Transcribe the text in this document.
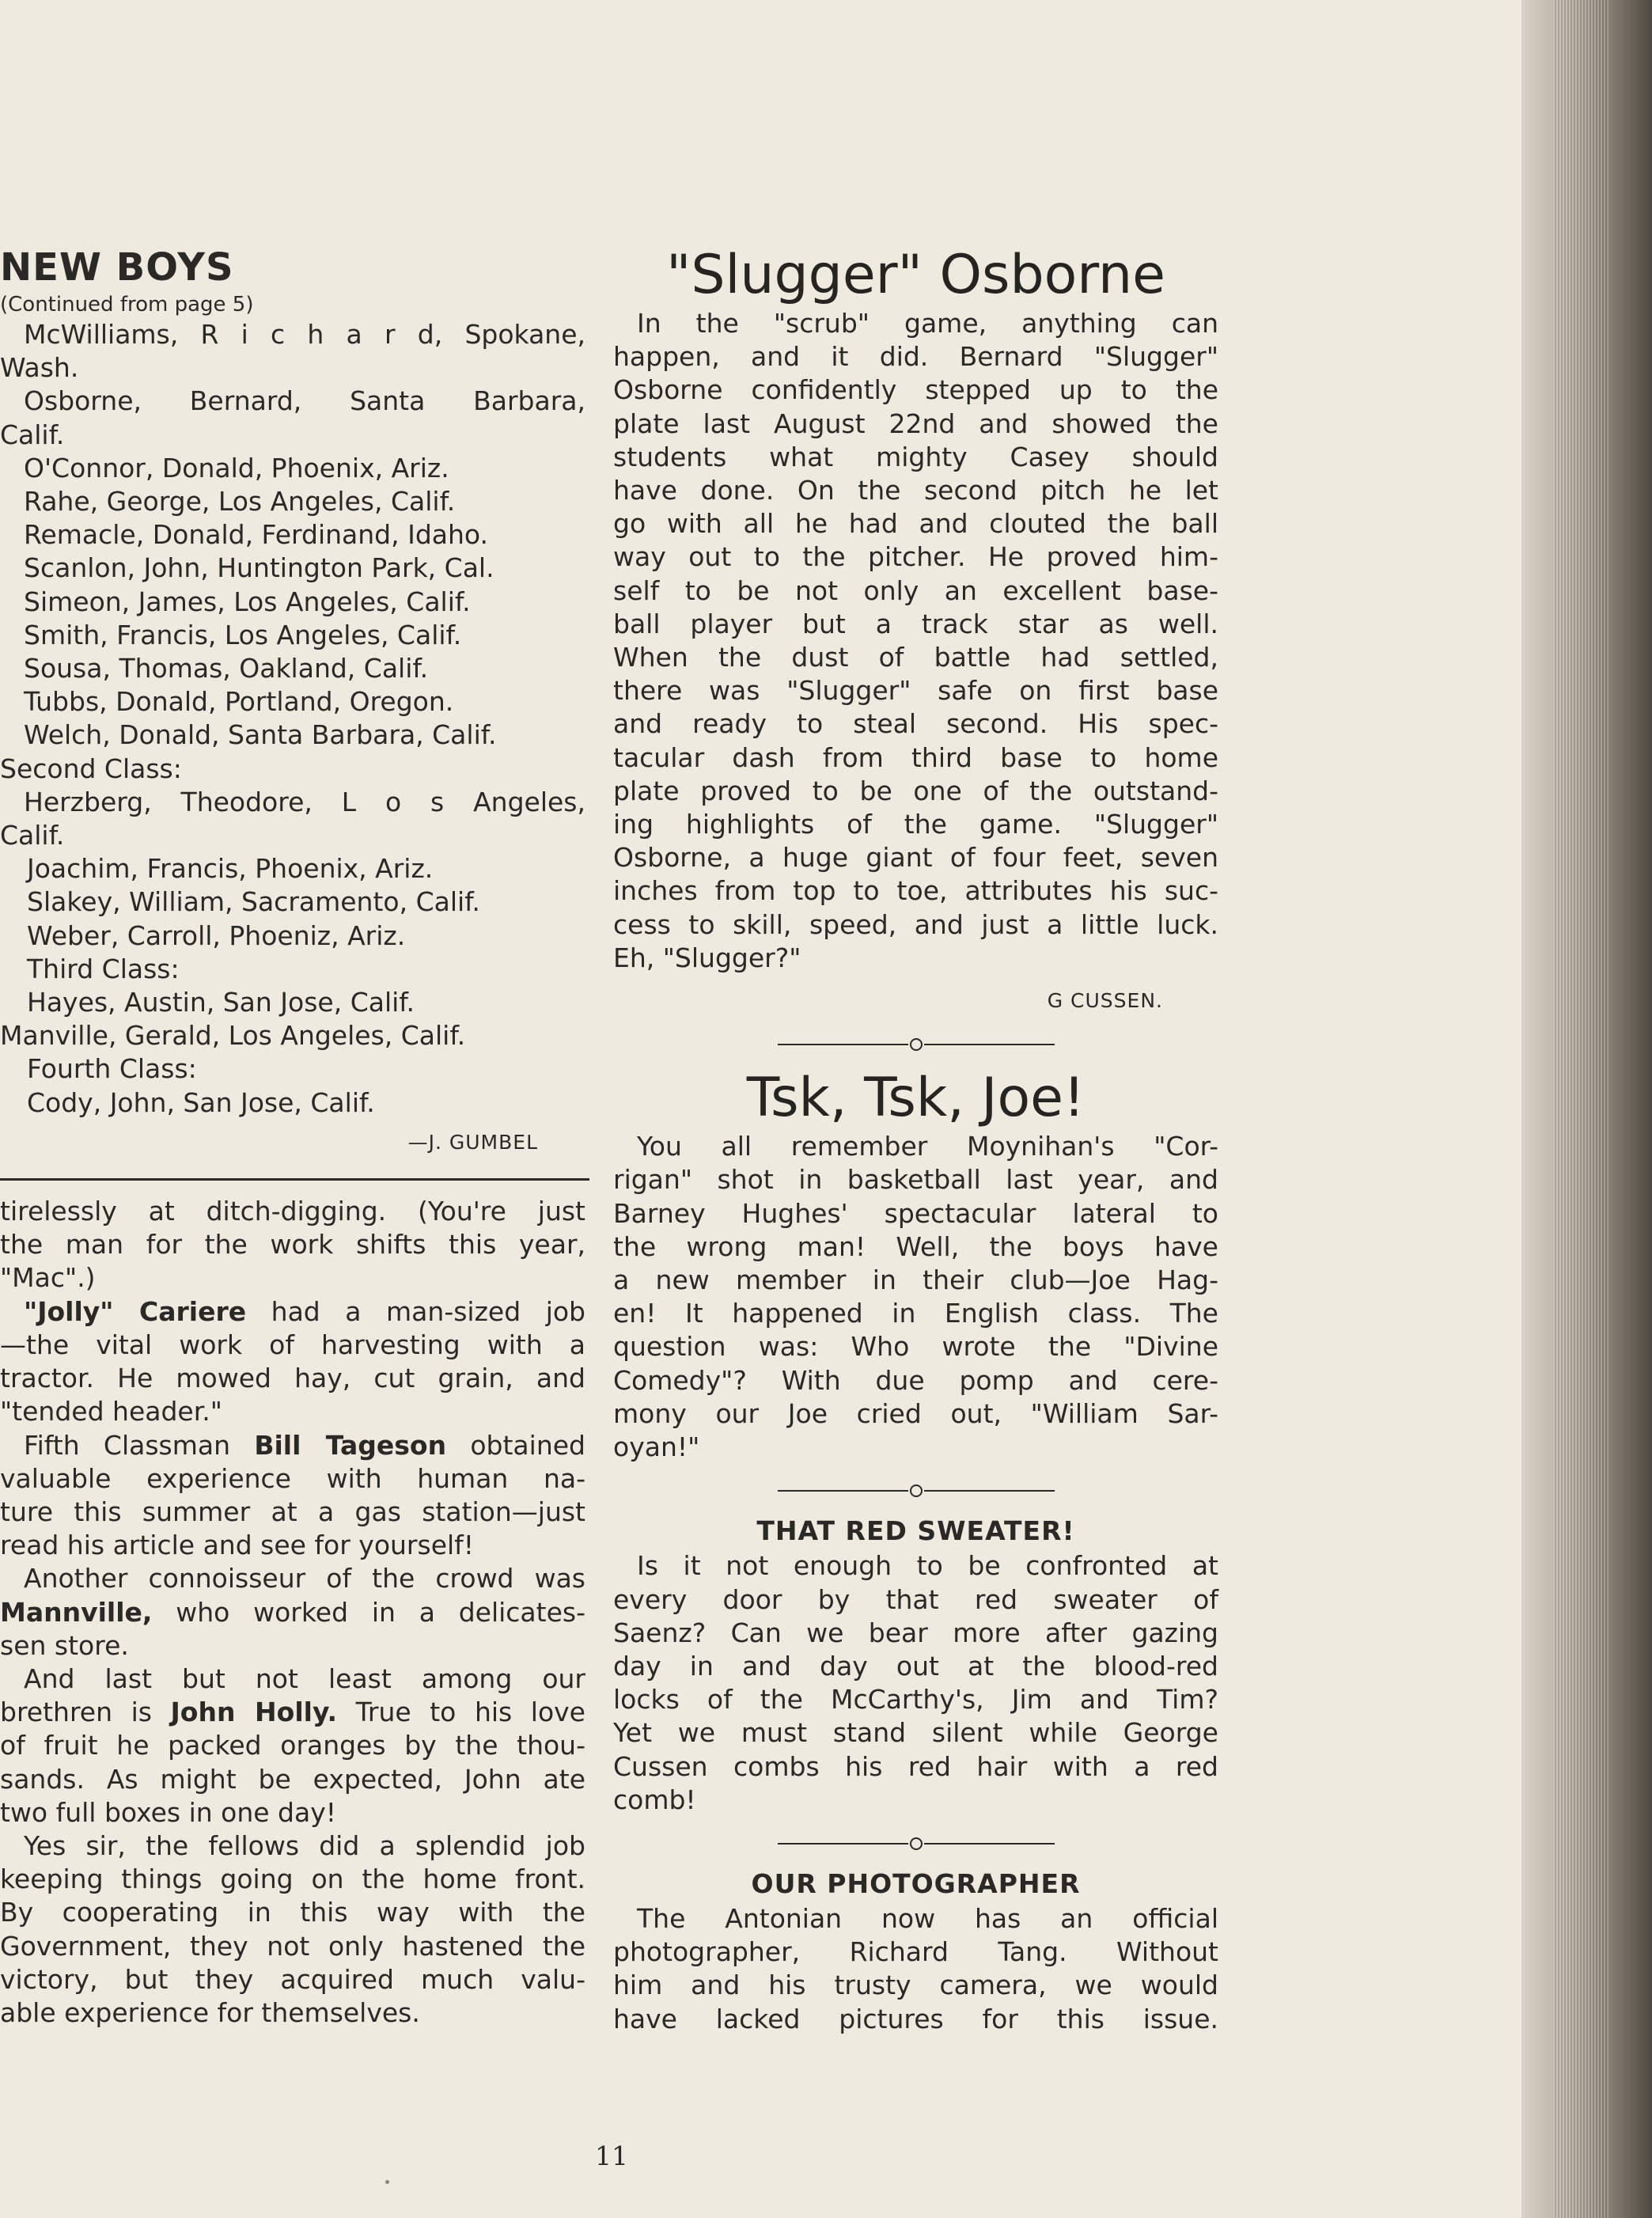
NEW BOYS

(Continued from page 5)

McWilliams, R i c h a r d, Spokane,

Wash.

Osborne, Bernard, Santa Barbara,

Calif.

O'Connor, Donald, Phoenix, Ariz.

Rahe, George, Los Angeles, Calif.

Remacle, Donald, Ferdinand, Idaho.

Scanlon, John, Huntington Park, Cal.

Simeon, James, Los Angeles, Calif.

Smith, Francis, Los Angeles, Calif.

Sousa, Thomas, Oakland, Calif.

Tubbs, Donald, Portland, Oregon.

Welch, Donald, Santa Barbara, Calif.

Second Class:

Herzberg, Theodore, L o s Angeles,

Calif.

Joachim, Francis, Phoenix, Ariz.

Slakey, William, Sacramento, Calif.

Weber, Carroll, Phoeniz, Ariz.

Third Class:

Hayes, Austin, San Jose, Calif.

Manville, Gerald, Los Angeles, Calif.

Fourth Class:

Cody, John, San Jose, Calif.

—J. GUMBEL

tirelessly at ditch-digging. (You're just

the man for the work shifts this year,

"Mac".)

"Jolly" Cariere had a man-sized job

—the vital work of harvesting with a

tractor. He mowed hay, cut grain, and

"tended header."

Fifth Classman Bill Tageson obtained

valuable experience with human na-

ture this summer at a gas station—just

read his article and see for yourself!

Another connoisseur of the crowd was

Mannville, who worked in a delicates-

sen store.

And last but not least among our

brethren is John Holly. True to his love

of fruit he packed oranges by the thou-

sands. As might be expected, John ate

two full boxes in one day!

Yes sir, the fellows did a splendid job

keeping things going on the home front.

By cooperating in this way with the

Government, they not only hastened the

victory, but they acquired much valu-

able experience for themselves.

"Slugger" Osborne

In the "scrub" game, anything can

happen, and it did. Bernard "Slugger"

Osborne confidently stepped up to the

plate last August 22nd and showed the

students what mighty Casey should

have done. On the second pitch he let

go with all he had and clouted the ball

way out to the pitcher. He proved him-

self to be not only an excellent base-

ball player but a track star as well.

When the dust of battle had settled,

there was "Slugger" safe on first base

and ready to steal second. His spec-

tacular dash from third base to home

plate proved to be one of the outstand-

ing highlights of the game. "Slugger"

Osborne, a huge giant of four feet, seven

inches from top to toe, attributes his suc-

cess to skill, speed, and just a little luck.

Eh, "Slugger?"

G CUSSEN.

Tsk, Tsk, Joe!

You all remember Moynihan's "Cor-

rigan" shot in basketball last year, and

Barney Hughes' spectacular lateral to

the wrong man! Well, the boys have

a new member in their club—Joe Hag-

en! It happened in English class. The

question was: Who wrote the "Divine

Comedy"? With due pomp and cere-

mony our Joe cried out, "William Sar-

oyan!"

THAT RED SWEATER!

Is it not enough to be confronted at

every door by that red sweater of

Saenz? Can we bear more after gazing

day in and day out at the blood-red

locks of the McCarthy's, Jim and Tim?

Yet we must stand silent while George

Cussen combs his red hair with a red

comb!

OUR PHOTOGRAPHER

The Antonian now has an official

photographer, Richard Tang. Without

him and his trusty camera, we would

have lacked pictures for this issue.

11
